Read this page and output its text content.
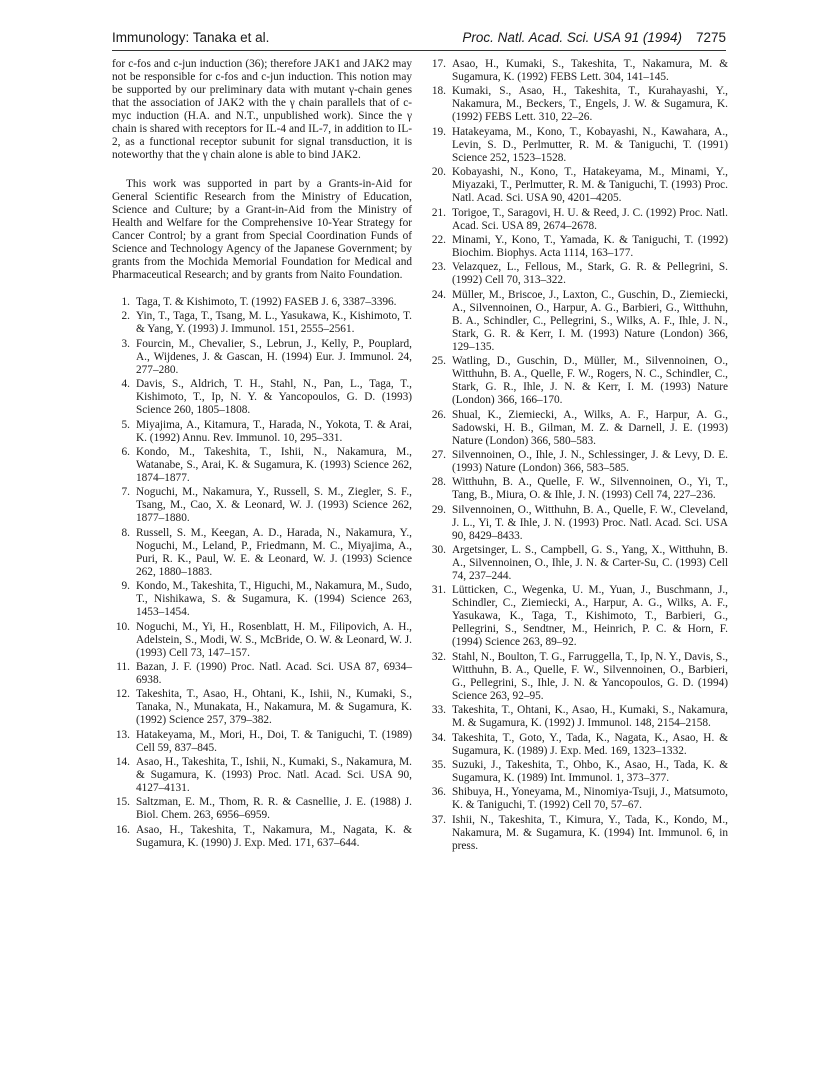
Immunology: Tanaka et al.	Proc. Natl. Acad. Sci. USA 91 (1994) 7275

for c-fos and c-jun induction (36); therefore JAK1 and JAK2 may not be responsible for c-fos and c-jun induction. This notion may be supported by our preliminary data with mutant γ-chain genes that the association of JAK2 with the γ chain parallels that of c-myc induction (H.A. and N.T., unpublished work). Since the γ chain is shared with receptors for IL-4 and IL-7, in addition to IL-2, as a functional receptor subunit for signal transduction, it is noteworthy that the γ chain alone is able to bind JAK2.

This work was supported in part by a Grants-in-Aid for General Scientific Research from the Ministry of Education, Science and Culture; by a Grant-in-Aid from the Ministry of Health and Welfare for the Comprehensive 10-Year Strategy for Cancer Control; by a grant from Special Coordination Funds of Science and Technology Agency of the Japanese Government; by grants from the Mochida Memorial Foundation for Medical and Pharmaceutical Research; and by grants from Naito Foundation.

1. Taga, T. & Kishimoto, T. (1992) FASEB J. 6, 3387–3396.
2. Yin, T., Taga, T., Tsang, M. L., Yasukawa, K., Kishimoto, T. & Yang, Y. (1993) J. Immunol. 151, 2555–2561.
3. Fourcin, M., Chevalier, S., Lebrun, J., Kelly, P., Pouplard, A., Wijdenes, J. & Gascan, H. (1994) Eur. J. Immunol. 24, 277–280.
4. Davis, S., Aldrich, T. H., Stahl, N., Pan, L., Taga, T., Kishimoto, T., Ip, N. Y. & Yancopoulos, G. D. (1993) Science 260, 1805–1808.
5. Miyajima, A., Kitamura, T., Harada, N., Yokota, T. & Arai, K. (1992) Annu. Rev. Immunol. 10, 295–331.
6. Kondo, M., Takeshita, T., Ishii, N., Nakamura, M., Watanabe, S., Arai, K. & Sugamura, K. (1993) Science 262, 1874–1877.
7. Noguchi, M., Nakamura, Y., Russell, S. M., Ziegler, S. F., Tsang, M., Cao, X. & Leonard, W. J. (1993) Science 262, 1877–1880.
8. Russell, S. M., Keegan, A. D., Harada, N., Nakamura, Y., Noguchi, M., Leland, P., Friedmann, M. C., Miyajima, A., Puri, R. K., Paul, W. E. & Leonard, W. J. (1993) Science 262, 1880–1883.
9. Kondo, M., Takeshita, T., Higuchi, M., Nakamura, M., Sudo, T., Nishikawa, S. & Sugamura, K. (1994) Science 263, 1453–1454.
10. Noguchi, M., Yi, H., Rosenblatt, H. M., Filipovich, A. H., Adelstein, S., Modi, W. S., McBride, O. W. & Leonard, W. J. (1993) Cell 73, 147–157.
11. Bazan, J. F. (1990) Proc. Natl. Acad. Sci. USA 87, 6934–6938.
12. Takeshita, T., Asao, H., Ohtani, K., Ishii, N., Kumaki, S., Tanaka, N., Munakata, H., Nakamura, M. & Sugamura, K. (1992) Science 257, 379–382.
13. Hatakeyama, M., Mori, H., Doi, T. & Taniguchi, T. (1989) Cell 59, 837–845.
14. Asao, H., Takeshita, T., Ishii, N., Kumaki, S., Nakamura, M. & Sugamura, K. (1993) Proc. Natl. Acad. Sci. USA 90, 4127–4131.
15. Saltzman, E. M., Thom, R. R. & Casnellie, J. E. (1988) J. Biol. Chem. 263, 6956–6959.
16. Asao, H., Takeshita, T., Nakamura, M., Nagata, K. & Sugamura, K. (1990) J. Exp. Med. 171, 637–644.
17. Asao, H., Kumaki, S., Takeshita, T., Nakamura, M. & Sugamura, K. (1992) FEBS Lett. 304, 141–145.
18. Kumaki, S., Asao, H., Takeshita, T., Kurahayashi, Y., Nakamura, M., Beckers, T., Engels, J. W. & Sugamura, K. (1992) FEBS Lett. 310, 22–26.
19. Hatakeyama, M., Kono, T., Kobayashi, N., Kawahara, A., Levin, S. D., Perlmutter, R. M. & Taniguchi, T. (1991) Science 252, 1523–1528.
20. Kobayashi, N., Kono, T., Hatakeyama, M., Minami, Y., Miyazaki, T., Perlmutter, R. M. & Taniguchi, T. (1993) Proc. Natl. Acad. Sci. USA 90, 4201–4205.
21. Torigoe, T., Saragovi, H. U. & Reed, J. C. (1992) Proc. Natl. Acad. Sci. USA 89, 2674–2678.
22. Minami, Y., Kono, T., Yamada, K. & Taniguchi, T. (1992) Biochim. Biophys. Acta 1114, 163–177.
23. Velazquez, L., Fellous, M., Stark, G. R. & Pellegrini, S. (1992) Cell 70, 313–322.
24. Müller, M., Briscoe, J., Laxton, C., Guschin, D., Ziemiecki, A., Silvennoinen, O., Harpur, A. G., Barbieri, G., Witthuhn, B. A., Schindler, C., Pellegrini, S., Wilks, A. F., Ihle, J. N., Stark, G. R. & Kerr, I. M. (1993) Nature (London) 366, 129–135.
25. Watling, D., Guschin, D., Müller, M., Silvennoinen, O., Witthuhn, B. A., Quelle, F. W., Rogers, N. C., Schindler, C., Stark, G. R., Ihle, J. N. & Kerr, I. M. (1993) Nature (London) 366, 166–170.
26. Shual, K., Ziemiecki, A., Wilks, A. F., Harpur, A. G., Sadowski, H. B., Gilman, M. Z. & Darnell, J. E. (1993) Nature (London) 366, 580–583.
27. Silvennoinen, O., Ihle, J. N., Schlessinger, J. & Levy, D. E. (1993) Nature (London) 366, 583–585.
28. Witthuhn, B. A., Quelle, F. W., Silvennoinen, O., Yi, T., Tang, B., Miura, O. & Ihle, J. N. (1993) Cell 74, 227–236.
29. Silvennoinen, O., Witthuhn, B. A., Quelle, F. W., Cleveland, J. L., Yi, T. & Ihle, J. N. (1993) Proc. Natl. Acad. Sci. USA 90, 8429–8433.
30. Argetsinger, L. S., Campbell, G. S., Yang, X., Witthuhn, B. A., Silvennoinen, O., Ihle, J. N. & Carter-Su, C. (1993) Cell 74, 237–244.
31. Lütticken, C., Wegenka, U. M., Yuan, J., Buschmann, J., Schindler, C., Ziemiecki, A., Harpur, A. G., Wilks, A. F., Yasukawa, K., Taga, T., Kishimoto, T., Barbieri, G., Pellegrini, S., Sendtner, M., Heinrich, P. C. & Horn, F. (1994) Science 263, 89–92.
32. Stahl, N., Boulton, T. G., Farruggella, T., Ip, N. Y., Davis, S., Witthuhn, B. A., Quelle, F. W., Silvennoinen, O., Barbieri, G., Pellegrini, S., Ihle, J. N. & Yancopoulos, G. D. (1994) Science 263, 92–95.
33. Takeshita, T., Ohtani, K., Asao, H., Kumaki, S., Nakamura, M. & Sugamura, K. (1992) J. Immunol. 148, 2154–2158.
34. Takeshita, T., Goto, Y., Tada, K., Nagata, K., Asao, H. & Sugamura, K. (1989) J. Exp. Med. 169, 1323–1332.
35. Suzuki, J., Takeshita, T., Ohbo, K., Asao, H., Tada, K. & Sugamura, K. (1989) Int. Immunol. 1, 373–377.
36. Shibuya, H., Yoneyama, M., Ninomiya-Tsuji, J., Matsumoto, K. & Taniguchi, T. (1992) Cell 70, 57–67.
37. Ishii, N., Takeshita, T., Kimura, Y., Tada, K., Kondo, M., Nakamura, M. & Sugamura, K. (1994) Int. Immunol. 6, in press.
